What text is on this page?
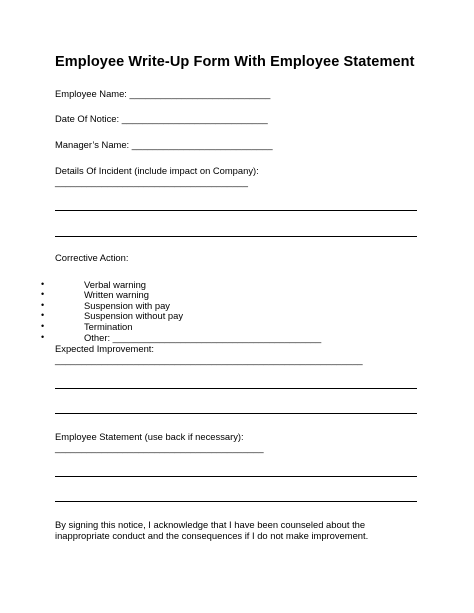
Employee Write-Up Form With Employee Statement
Employee Name: ___________________________
Date Of Notice: ____________________________
Manager’s Name: ___________________________
Details Of Incident (include impact on Company):
_____________________________________
Corrective Action:
•	Verbal warning
•	Written warning
•	Suspension with pay
•	Suspension without pay
•	Termination
•	Other: ________________________________________
Expected Improvement:
___________________________________________________________
Employee Statement (use back if necessary):
________________________________________
By signing this notice, I acknowledge that I have been counseled about the
inappropriate conduct and the consequences if I do not make improvement.
